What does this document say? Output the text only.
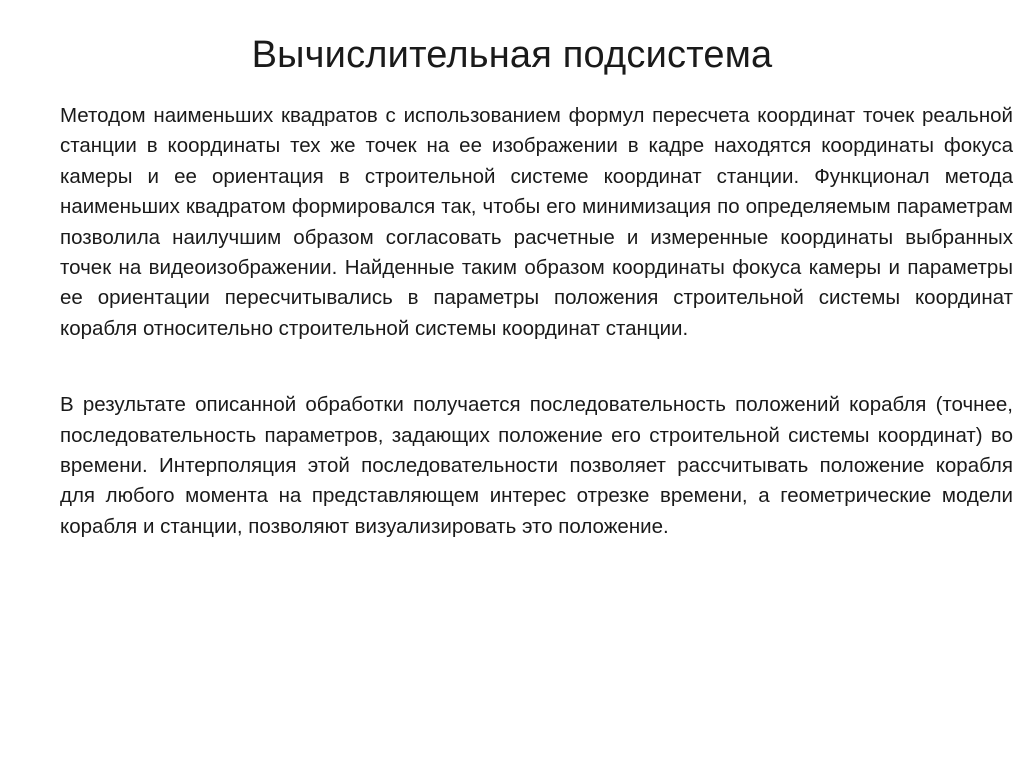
Вычислительная подсистема

Методом наименьших квадратов с использованием формул пересчета координат точек реальной станции в координаты тех же точек на ее изображении в кадре находятся координаты фокуса камеры и ее ориентация в строительной системе координат станции. Функционал метода наименьших квадратом формировался так, чтобы его минимизация по определяемым параметрам позволила наилучшим образом согласовать расчетные и измеренные координаты выбранных точек на видеоизображении. Найденные таким образом координаты фокуса камеры и параметры ее ориентации пересчитывались в параметры положения строительной системы координат корабля относительно строительной системы координат станции.

В результате описанной обработки получается последовательность положений корабля (точнее, последовательность параметров, задающих положение его строительной системы координат) во времени. Интерполяция этой последовательности позволяет рассчитывать положение корабля для любого момента на представляющем интерес отрезке времени, а геометрические модели корабля и станции, позволяют визуализировать это положение.
